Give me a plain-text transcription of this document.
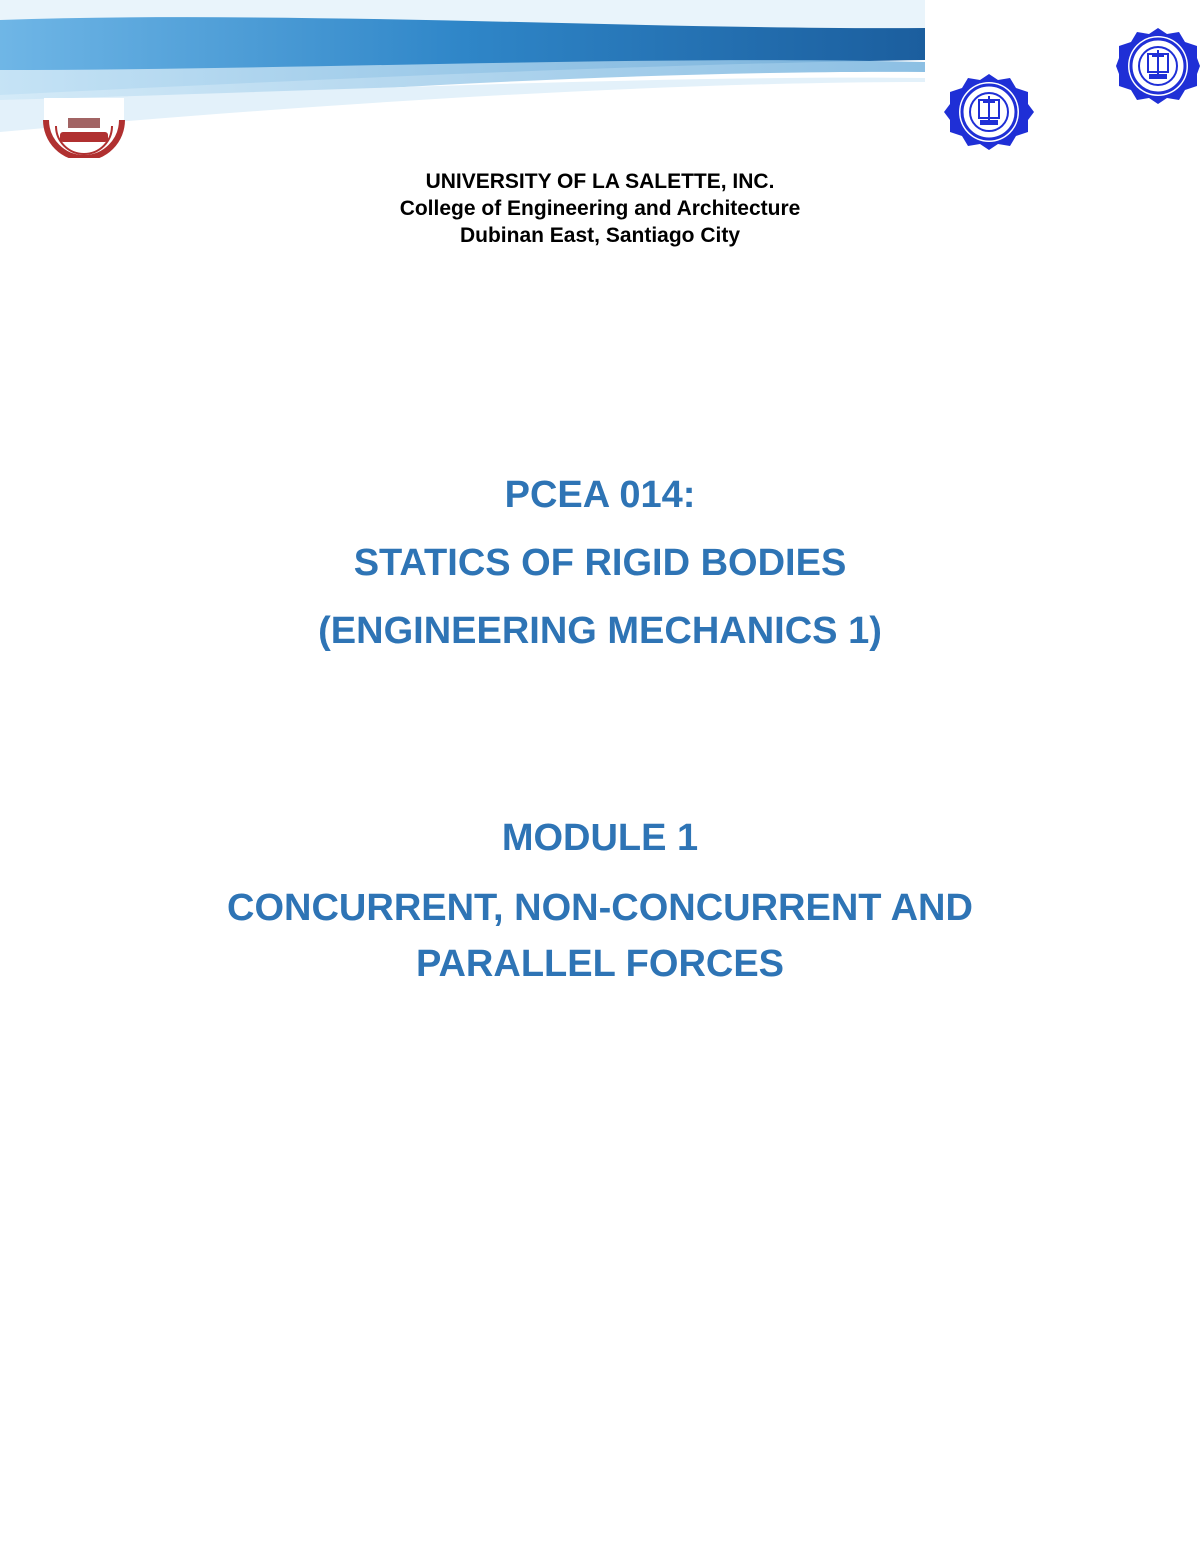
UNIVERSITY OF LA SALETTE, INC.
College of Engineering and Architecture
Dubinan East, Santiago City
PCEA 014:
STATICS OF RIGID BODIES
(ENGINEERING MECHANICS 1)
MODULE 1
CONCURRENT, NON-CONCURRENT AND
PARALLEL FORCES
